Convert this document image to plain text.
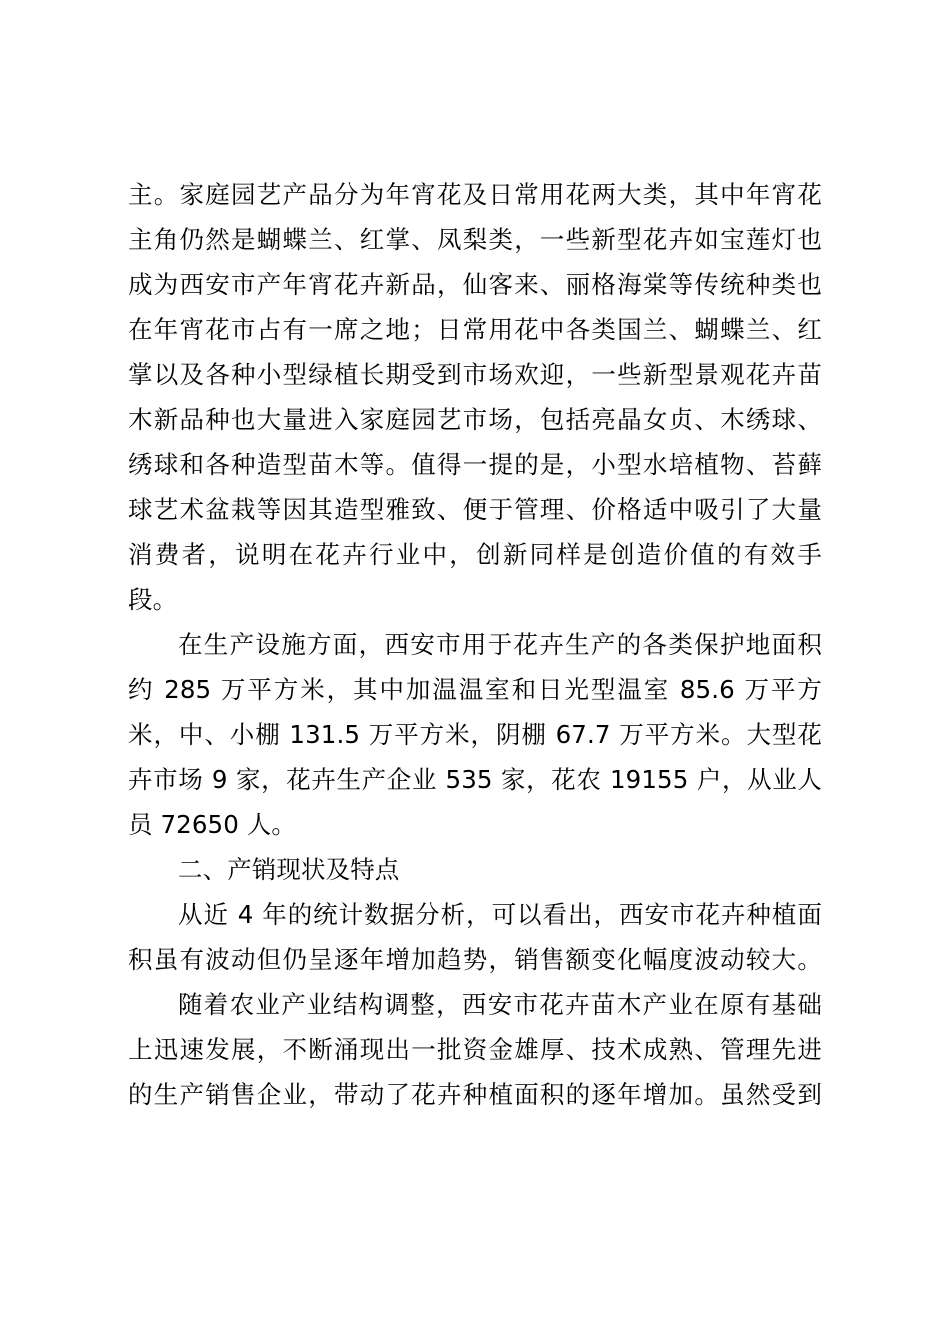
主。家庭园艺产品分为年宵花及日常用花两大类，其中年宵花
主角仍然是蝴蝶兰、红掌、凤梨类，一些新型花卉如宝莲灯也
成为西安市产年宵花卉新品，仙客来、丽格海棠等传统种类也
在年宵花市占有一席之地；日常用花中各类国兰、蝴蝶兰、红
掌以及各种小型绿植长期受到市场欢迎，一些新型景观花卉苗
木新品种也大量进入家庭园艺市场，包括亮晶女贞、木绣球、
绣球和各种造型苗木等。值得一提的是，小型水培植物、苔藓
球艺术盆栽等因其造型雅致、便于管理、价格适中吸引了大量
消费者，说明在花卉行业中，创新同样是创造价值的有效手
段。
在生产设施方面，西安市用于花卉生产的各类保护地面积
约 285 万平方米，其中加温温室和日光型温室 85.6 万平方
米，中、小棚 131.5 万平方米，阴棚 67.7 万平方米。大型花
卉市场 9 家，花卉生产企业 535 家，花农 19155 户，从业人
员 72650 人。
二、产销现状及特点
从近 4 年的统计数据分析，可以看出，西安市花卉种植面
积虽有波动但仍呈逐年增加趋势，销售额变化幅度波动较大。
随着农业产业结构调整，西安市花卉苗木产业在原有基础
上迅速发展，不断涌现出一批资金雄厚、技术成熟、管理先进
的生产销售企业，带动了花卉种植面积的逐年增加。虽然受到
